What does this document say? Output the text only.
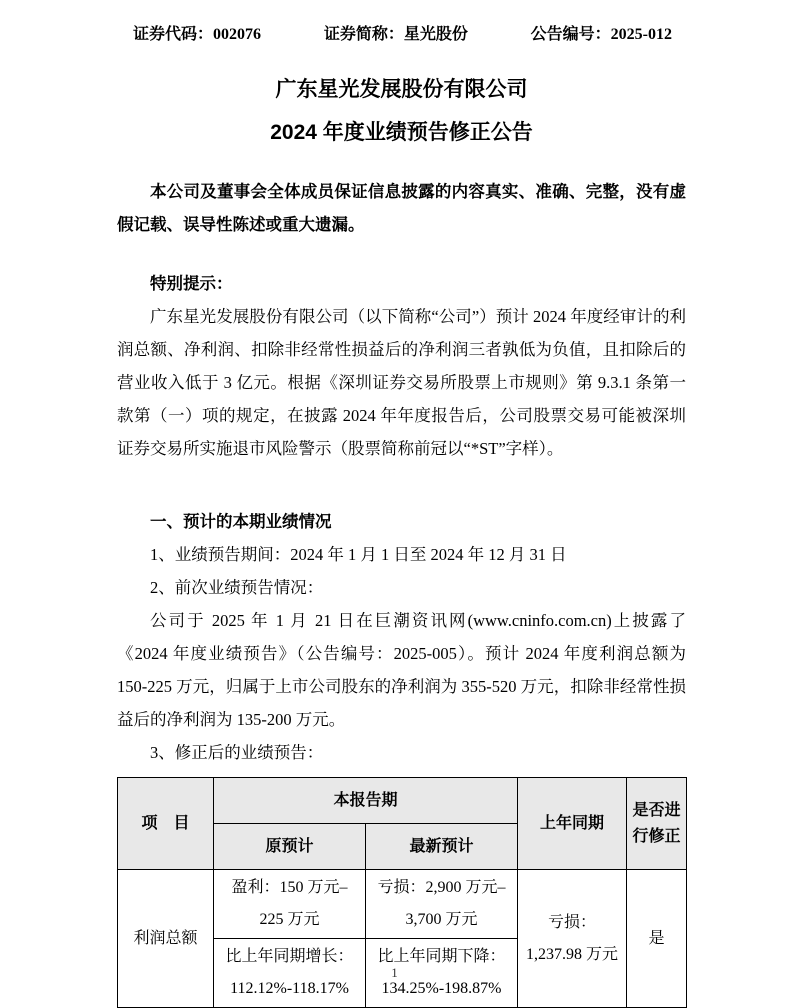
证券代码：002076	证券简称：星光股份	公告编号：2025-012
广东星光发展股份有限公司
2024 年度业绩预告修正公告

本公司及董事会全体成员保证信息披露的内容真实、准确、完整，没有虚假记载、误导性陈述或重大遗漏。

特别提示：

广东星光发展股份有限公司（以下简称“公司”）预计 2024 年度经审计的利润总额、净利润、扣除非经常性损益后的净利润三者孰低为负值，且扣除后的营业收入低于 3 亿元。根据《深圳证券交易所股票上市规则》第 9.3.1 条第一款第（一）项的规定，在披露 2024 年年度报告后，公司股票交易可能被深圳证券交易所实施退市风险警示（股票简称前冠以“*ST”字样）。

一、预计的本期业绩情况

1、业绩预告期间：2024 年 1 月 1 日至 2024 年 12 月 31 日

2、前次业绩预告情况：

公司于 2025 年 1 月 21 日在巨潮资讯网(www.cninfo.com.cn)上披露了《2024 年度业绩预告》（公告编号：2025-005）。预计 2024 年度利润总额为 150-225 万元，归属于上市公司股东的净利润为 355-520 万元，扣除非经常性损益后的净利润为 135-200 万元。

3、修正后的业绩预告：

项　目	本报告期		上年同期	是否进行修正
	原预计	最新预计		
利润总额	盈利：150 万元–
225 万元	亏损：2,900 万元–
3,700 万元	亏损：
1,237.98 万元	是

	比上年同期增长：
112.12%-118.17%	比上年同期下降：
134.25%-198.87%		
1
